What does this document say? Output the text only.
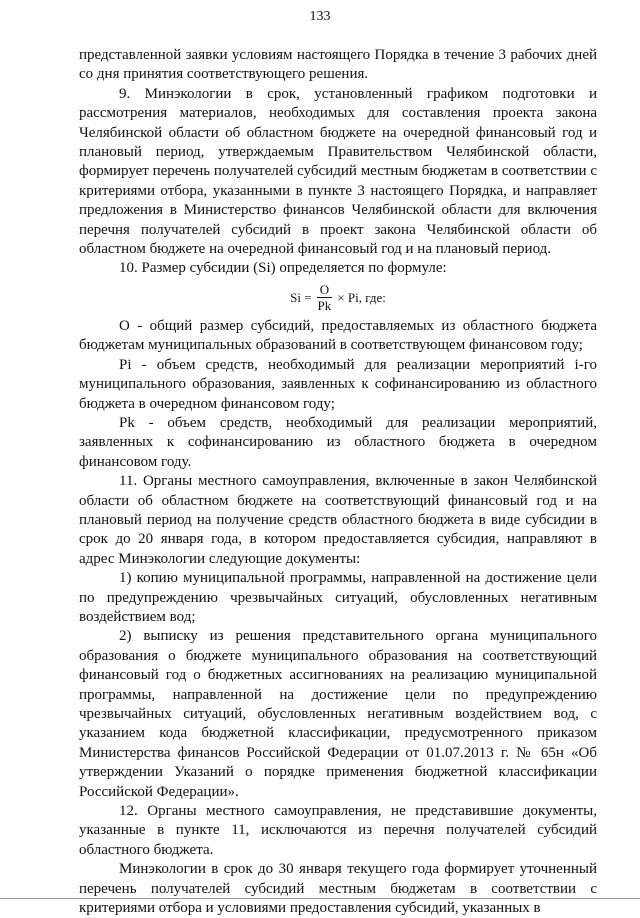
133

представленной заявки условиям настоящего Порядка в течение 3 рабочих дней со дня принятия соответствующего решения.

9. Минэкологии в срок, установленный графиком подготовки и рассмотрения материалов, необходимых для составления проекта закона Челябинской области об областном бюджете на очередной финансовый год и плановый период, утверждаемым Правительством Челябинской области, формирует перечень получателей субсидий местным бюджетам в соответствии с критериями отбора, указанными в пункте 3 настоящего Порядка, и направляет предложения в Министерство финансов Челябинской области для включения перечня получателей субсидий в проект закона Челябинской области об областном бюджете на очередной финансовый год и на плановый период.

10. Размер субсидии (Si) определяется по формуле:

$Si = \frac{O}{Pk} \times Pi$, где:

О - общий размер субсидий, предоставляемых из областного бюджета бюджетам муниципальных образований в соответствующем финансовом году;

Pi - объем средств, необходимый для реализации мероприятий i-го муниципального образования, заявленных к софинансированию из областного бюджета в очередном финансовом году;

Pk - объем средств, необходимый для реализации мероприятий, заявленных к софинансированию из областного бюджета в очередном финансовом году.

11. Органы местного самоуправления, включенные в закон Челябинской области об областном бюджете на соответствующий финансовый год и на плановый период на получение средств областного бюджета в виде субсидии в срок до 20 января года, в котором предоставляется субсидия, направляют в адрес Минэкологии следующие документы:

1) копию муниципальной программы, направленной на достижение цели по предупреждению чрезвычайных ситуаций, обусловленных негативным воздействием вод;

2) выписку из решения представительного органа муниципального образования о бюджете муниципального образования на соответствующий финансовый год о бюджетных ассигнованиях на реализацию муниципальной программы, направленной на достижение цели по предупреждению чрезвычайных ситуаций, обусловленных негативным воздействием вод, с указанием кода бюджетной классификации, предусмотренного приказом Министерства финансов Российской Федерации от 01.07.2013 г. № 65н «Об утверждении Указаний о порядке применения бюджетной классификации Российской Федерации».

12. Органы местного самоуправления, не представившие документы, указанные в пункте 11, исключаются из перечня получателей субсидий областного бюджета.

Минэкологии в срок до 30 января текущего года формирует уточненный перечень получателей субсидий местным бюджетам в соответствии с критериями отбора и условиями предоставления субсидий, указанных в
